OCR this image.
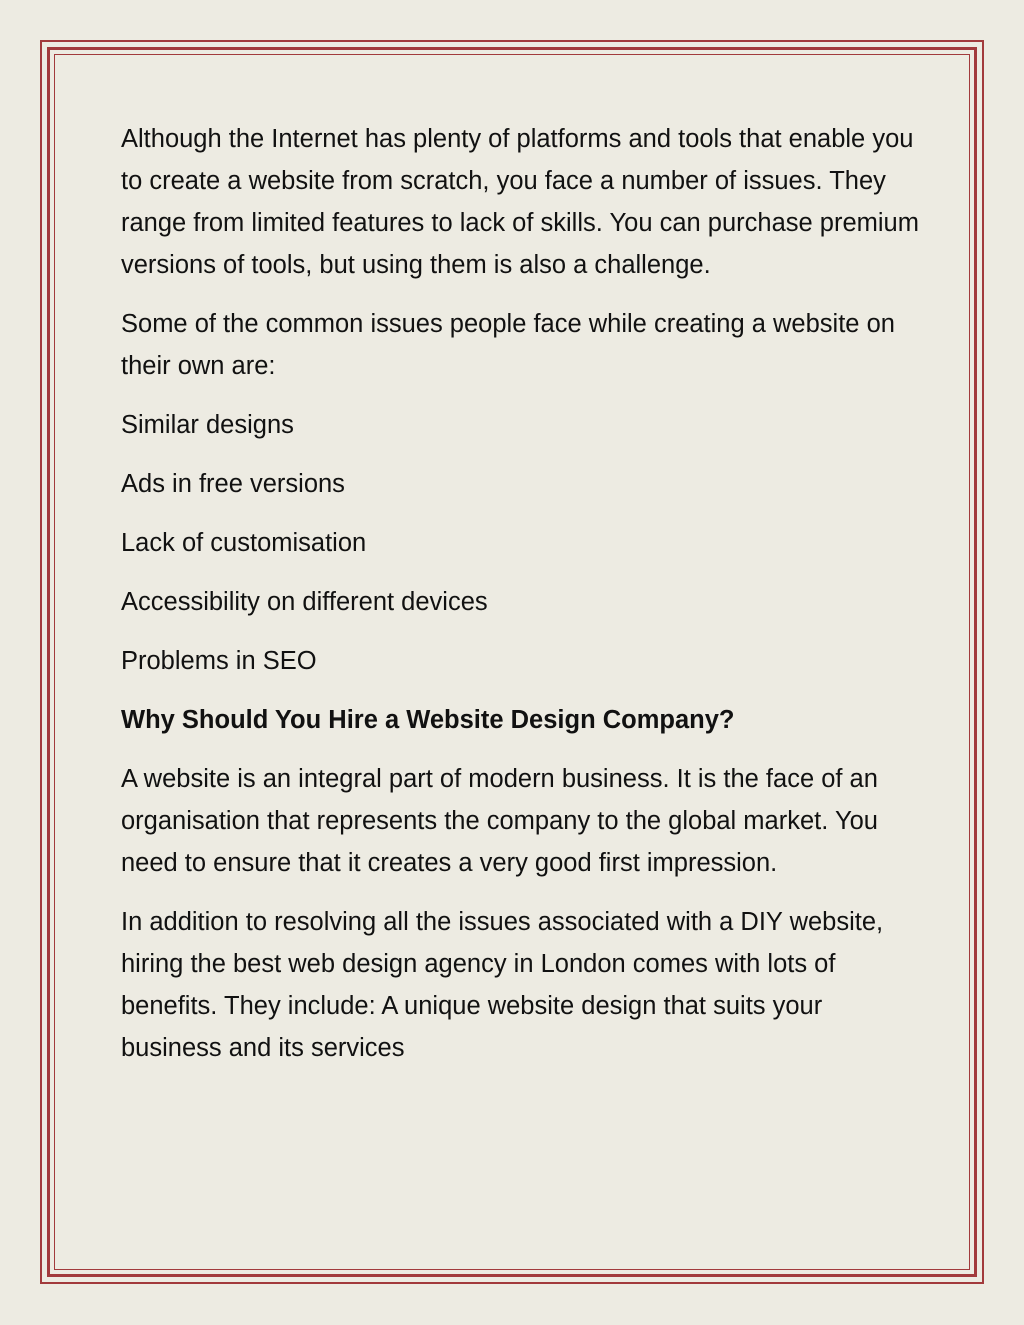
Although the Internet has plenty of platforms and tools that enable you to create a website from scratch, you face a number of issues. They range from limited features to lack of skills. You can purchase premium versions of tools, but using them is also a challenge.

Some of the common issues people face while creating a website on their own are:

Similar designs

Ads in free versions

Lack of customisation

Accessibility on different devices

Problems in SEO

Why Should You Hire a Website Design Company?

A website is an integral part of modern business. It is the face of an organisation that represents the company to the global market. You need to ensure that it creates a very good first impression.

In addition to resolving all the issues associated with a DIY website, hiring the best web design agency in London comes with lots of benefits. They include: A unique website design that suits your business and its services
